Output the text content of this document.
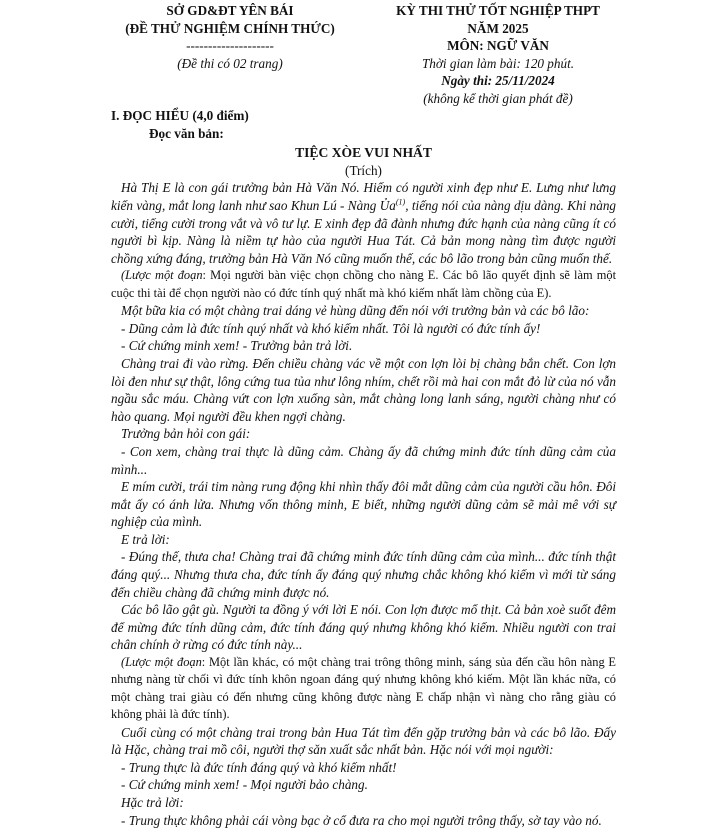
SỞ GD&ĐT YÊN BÁI
(ĐỀ THỬ NGHIỆM CHÍNH THỨC)
--------------------
(Đề thi có 02 trang)
KỲ THI THỬ TỐT NGHIỆP THPT
NĂM 2025
MÔN: NGỮ VĂN
Thời gian làm bài: 120 phút.
Ngày thi: 25/11/2024
(không kể thời gian phát đề)

I. ĐỌC HIỂU (4,0 điểm)

Đọc văn bản:

TIỆC XÒE VUI NHẤT

(Trích)

Hà Thị E là con gái trưởng bản Hà Văn Nó. Hiếm có người xinh đẹp như E. Lưng như lưng kiến vàng, mắt long lanh như sao Khun Lú - Nàng Ủa$^{(1)}$, tiếng nói của nàng dịu dàng. Khi nàng cười, tiếng cười trong vắt và vô tư lự. E xinh đẹp đã đành nhưng đức hạnh của nàng cũng ít có người bì kịp. Nàng là niềm tự hào của người Hua Tát. Cả bản mong nàng tìm được người chồng xứng đáng, trưởng bản Hà Văn Nó cũng muốn thế, các bô lão trong bản cũng muốn thế.

(Lược một đoạn: Mọi người bàn việc chọn chồng cho nàng E. Các bô lão quyết định sẽ làm một cuộc thi tài để chọn người nào có đức tính quý nhất mà khó kiếm nhất làm chồng của E).

Một bữa kia có một chàng trai dáng vẻ hùng dũng đến nói với trưởng bản và các bô lão:

- Dũng cảm là đức tính quý nhất và khó kiếm nhất. Tôi là người có đức tính ấy!

- Cứ chứng minh xem! - Trưởng bản trả lời.

Chàng trai đi vào rừng. Đến chiều chàng vác về một con lợn lòi bị chàng bắn chết. Con lợn lòi đen như sự thật, lông cứng tua tủa như lông nhím, chết rồi mà hai con mắt đỏ lừ của nó vẫn ngầu sắc máu. Chàng vứt con lợn xuống sàn, mắt chàng long lanh sáng, người chàng như có hào quang. Mọi người đều khen ngợi chàng.

Trưởng bản hỏi con gái:

- Con xem, chàng trai thực là dũng cảm. Chàng ấy đã chứng minh đức tính dũng cảm của mình...

E mím cười, trái tim nàng rung động khi nhìn thấy đôi mắt dũng cảm của người cầu hôn. Đôi mắt ấy có ánh lửa. Nhưng vốn thông minh, E biết, những người dũng cảm sẽ mải mê với sự nghiệp của mình.

E trả lời:

- Đúng thế, thưa cha! Chàng trai đã chứng minh đức tính dũng cảm của mình... đức tính thật đáng quý... Nhưng thưa cha, đức tính ấy đáng quý nhưng chắc không khó kiếm vì mới từ sáng đến chiều chàng đã chứng minh được nó.

Các bô lão gật gù. Người ta đồng ý với lời E nói. Con lợn được mổ thịt. Cả bản xoè suốt đêm để mừng đức tính dũng cảm, đức tính đáng quý nhưng không khó kiếm. Nhiều người con trai chân chính ở rừng có đức tính này...

(Lược một đoạn: Một lần khác, có một chàng trai trông thông minh, sáng sủa đến cầu hôn nàng E nhưng nàng từ chối vì đức tính khôn ngoan đáng quý nhưng không khó kiếm. Một lần khác nữa, có một chàng trai giàu có đến nhưng cũng không được nàng E chấp nhận vì nàng cho rằng giàu có không phải là đức tính).

Cuối cùng có một chàng trai trong bản Hua Tát tìm đến gặp trưởng bản và các bô lão. Đấy là Hặc, chàng trai mồ côi, người thợ săn xuất sắc nhất bản. Hặc nói với mọi người:

- Trung thực là đức tính đáng quý và khó kiếm nhất!

- Cứ chứng minh xem! - Mọi người bảo chàng.

Hặc trả lời:

- Trung thực không phải cái vòng bạc ở cổ đưa ra cho mọi người trông thấy, sờ tay vào nó.
